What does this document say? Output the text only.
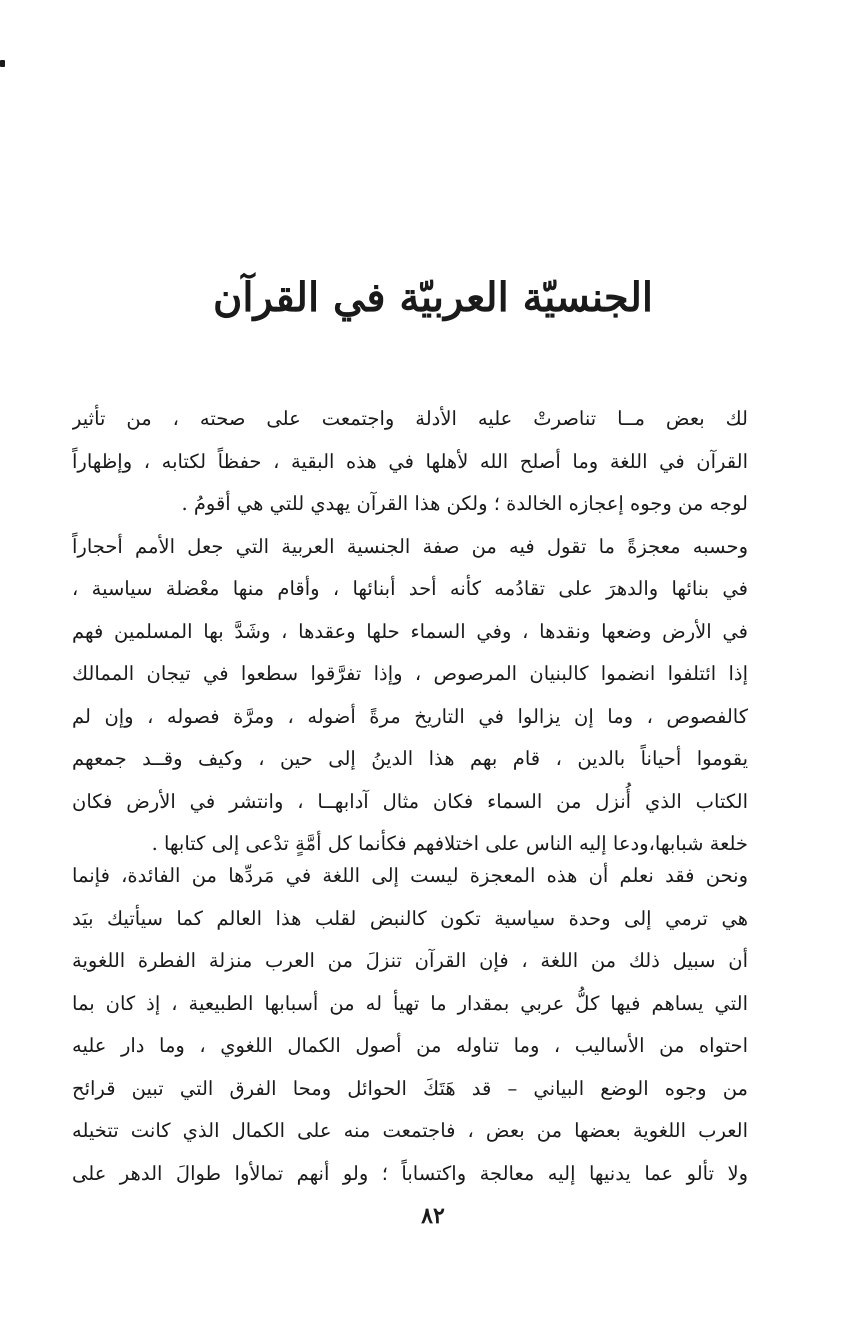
الجنسيّة العربيّة في القرآن
لك بعض مــا تناصرتْ عليه الأدلة واجتمعت على صحته ، من تأثير
القرآن في اللغة وما أصلح الله لأهلها في هذه البقية ، حفظاً لكتابه ، وإظهاراً
لوجه من وجوه إعجازه الخالدة ؛ ولكن هذا القرآن يهدي للتي هي أقومُ .
وحسبه معجزةً ما تقول فيه من صفة الجنسية العربية التي جعل الأمم أحجاراً
في بنائها والدهرَ على تقادُمه كأنه أحد أبنائها ، وأقام منها معْضلة سياسية ،
في الأرض وضعها ونقدها ، وفي السماء حلها وعقدها ، وشَدَّ بها المسلمين فهم
إذا ائتلفوا انضموا كالبنيان المرصوص ، وإذا تفرَّقوا سطعوا في تيجان الممالك
كالفصوص ، وما إن يزالوا في التاريخ مرةً أضوله ، ومرَّة فصوله ، وإن لم
يقوموا أحياناً بالدين ، قام بهم هذا الدينُ إلى حين ، وكيف وقــد جمعهم
الكتاب الذي أُنزل من السماء فكان مثال آدابهــا ، وانتشر في الأرض فكان
خلعة شبابها،ودعا إليه الناس على اختلافهم فكأنما كل أمَّةٍ تدْعى إلى كتابها .
ونحن فقد نعلم أن هذه المعجزة ليست إلى اللغة في مَردِّها من الفائدة، فإنما
هي ترمي إلى وحدة سياسية تكون كالنبض لقلب هذا العالم كما سيأتيك بيَد
أن سبيل ذلك من اللغة ، فإن القرآن تنزلَ من العرب منزلة الفطرة اللغوية
التي يساهم فيها كلُّ عربي بمقدار ما تهيأ له من أسبابها الطبيعية ، إذ كان بما
احتواه من الأساليب ، وما تناوله من أصول الكمال اللغوي ، وما دار عليه
من وجوه الوضع البياني – قد هَتَكَ الحوائل ومحا الفرق التي تبين قرائح
العرب اللغوية بعضها من بعض ، فاجتمعت منه على الكمال الذي كانت تتخيله
ولا تألو عما يدنيها إليه معالجة واكتساباً ؛ ولو أنهم تمالأوا طوالَ الدهر على
٨٢
